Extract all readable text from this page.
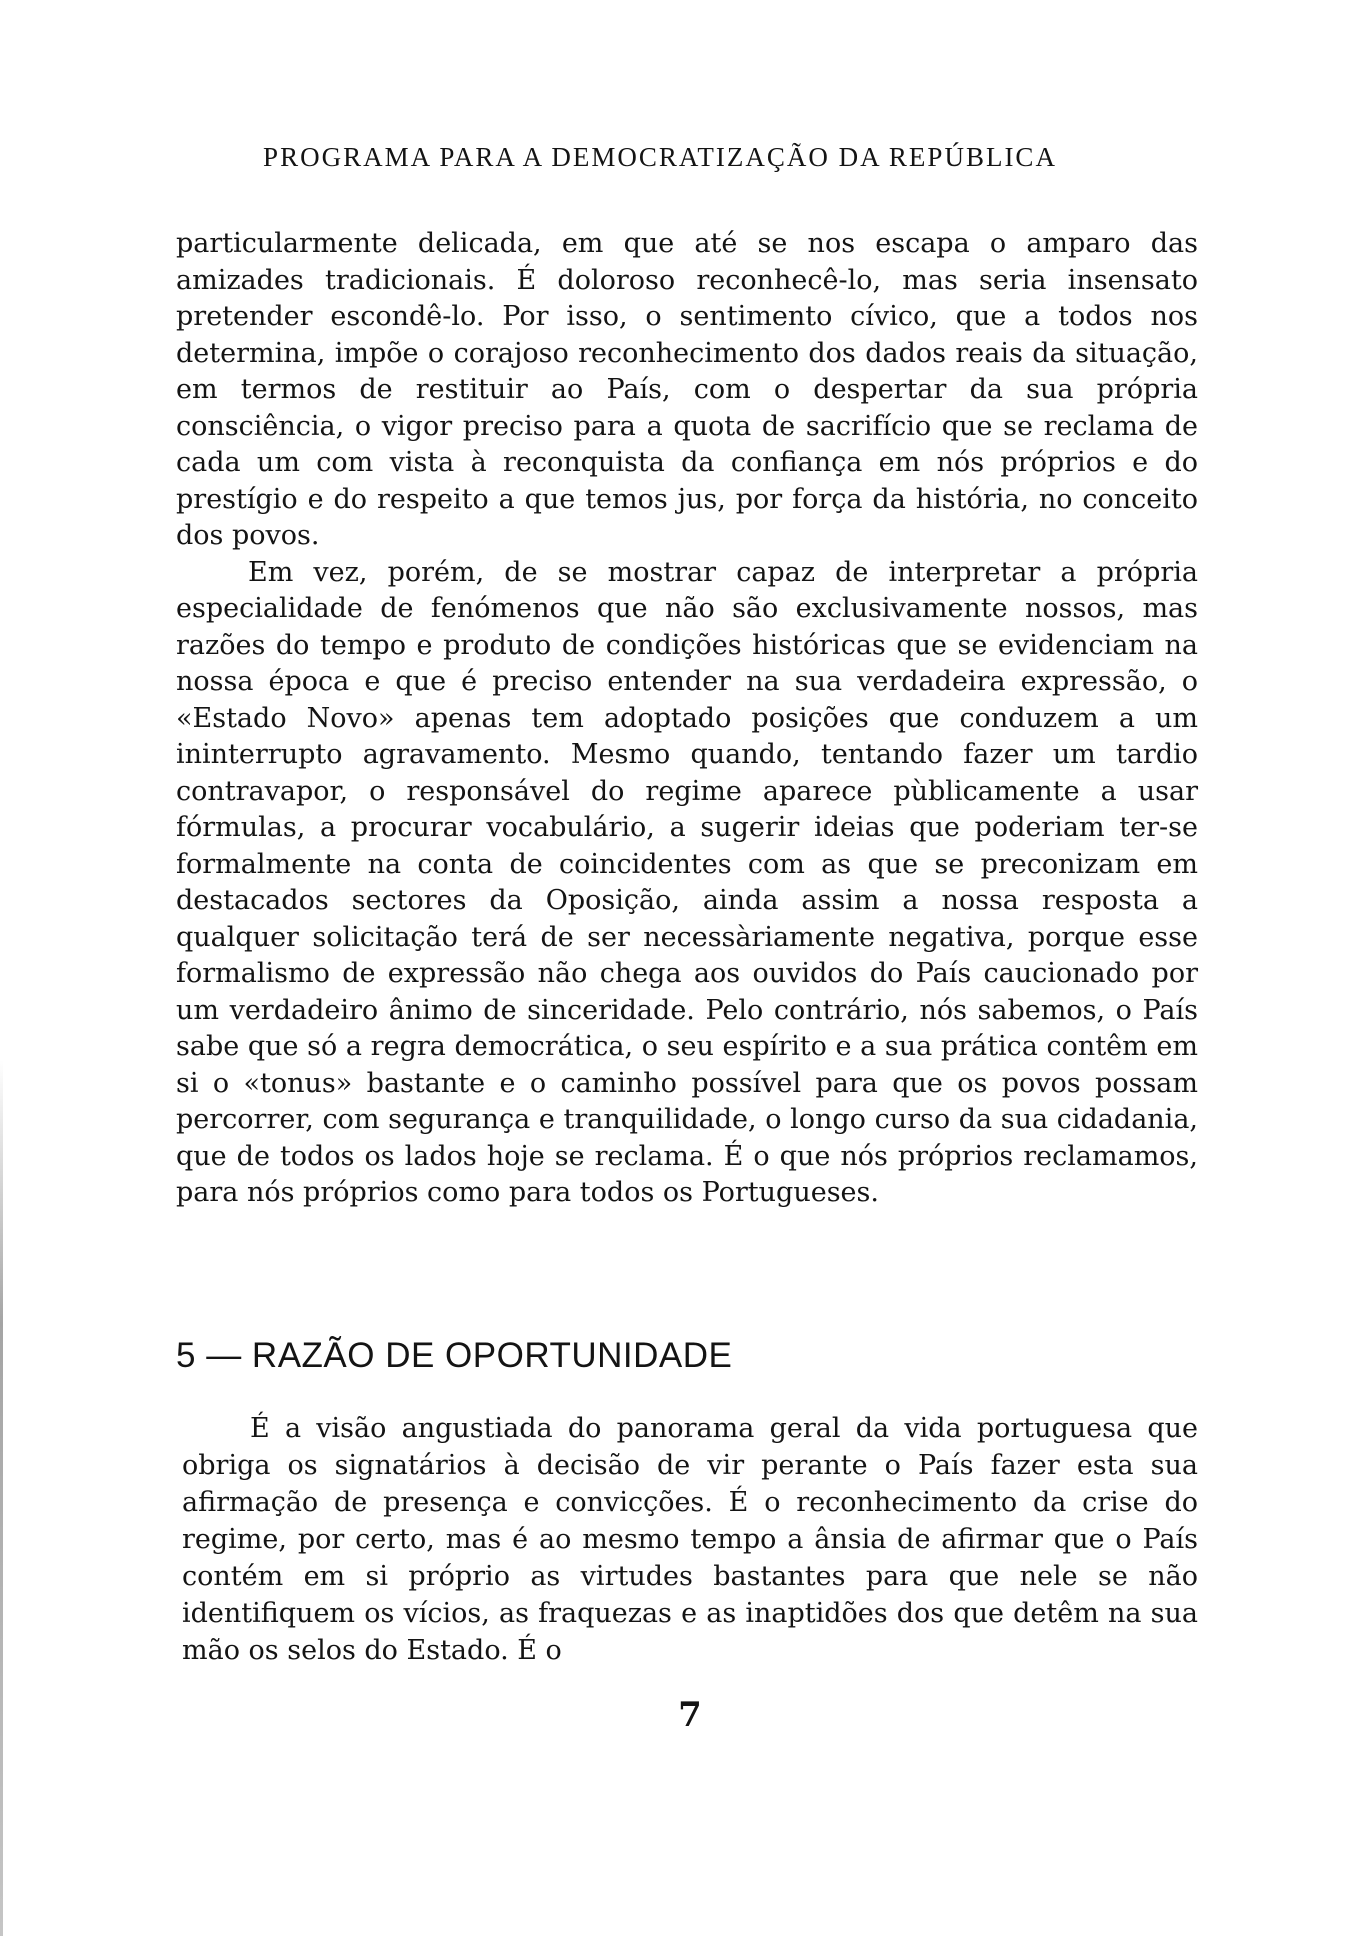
PROGRAMA PARA A DEMOCRATIZAÇÃO DA REPÚBLICA

particularmente delicada, em que até se nos escapa o amparo das amizades tradicionais. É doloroso reconhecê-lo, mas seria insensato pretender escondê-lo. Por isso, o sentimento cívico, que a todos nos determina, impõe o corajoso reconhecimento dos dados reais da situação, em termos de restituir ao País, com o despertar da sua própria consciência, o vigor preciso para a quota de sacrifício que se reclama de cada um com vista à reconquista da confiança em nós próprios e do prestígio e do respeito a que temos jus, por força da história, no conceito dos povos.

Em vez, porém, de se mostrar capaz de interpretar a própria especialidade de fenómenos que não são exclusivamente nossos, mas razões do tempo e produto de condições históricas que se evidenciam na nossa época e que é preciso entender na sua verdadeira expressão, o «Estado Novo» apenas tem adoptado posições que conduzem a um ininterrupto agravamento. Mesmo quando, tentando fazer um tardio contravapor, o responsável do regime aparece pùblicamente a usar fórmulas, a procurar vocabulário, a sugerir ideias que poderiam ter-se formalmente na conta de coincidentes com as que se preconizam em destacados sectores da Oposição, ainda assim a nossa resposta a qualquer solicitação terá de ser necessàriamente negativa, porque esse formalismo de expressão não chega aos ouvidos do País caucionado por um verdadeiro ânimo de sinceridade. Pelo contrário, nós sabemos, o País sabe que só a regra democrática, o seu espírito e a sua prática contêm em si o «tonus» bastante e o caminho possível para que os povos possam percorrer, com segurança e tranquilidade, o longo curso da sua cidadania, que de todos os lados hoje se reclama. É o que nós próprios reclamamos, para nós próprios como para todos os Portugueses.

5 — RAZÃO DE OPORTUNIDADE

É a visão angustiada do panorama geral da vida portuguesa que obriga os signatários à decisão de vir perante o País fazer esta sua afirmação de presença e convicções. É o reconhecimento da crise do regime, por certo, mas é ao mesmo tempo a ânsia de afirmar que o País contém em si próprio as virtudes bastantes para que nele se não identifiquem os vícios, as fraquezas e as inaptidões dos que detêm na sua mão os selos do Estado. É o

7
